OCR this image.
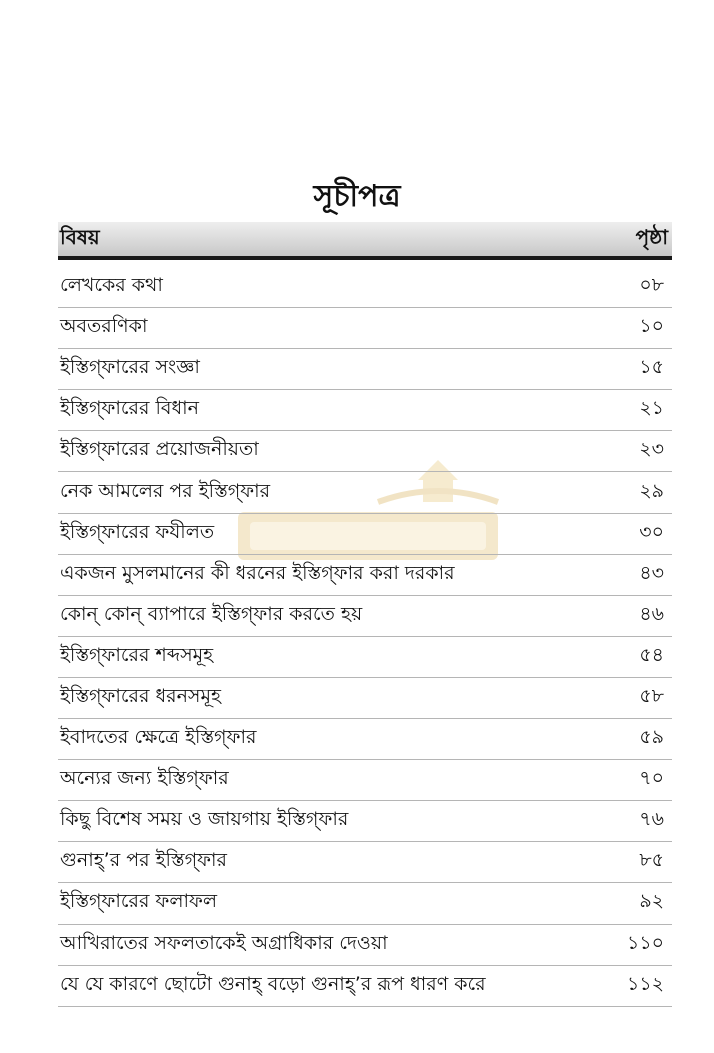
সূচীপত্র
বিষয়	পৃষ্ঠা
লেখকের কথা	০৮
অবতরণিকা	১০
ইস্তিগ্‌ফারের সংজ্ঞা	১৫
ইস্তিগ্‌ফারের বিধান	২১
ইস্তিগ্‌ফারের প্রয়োজনীয়তা	২৩
নেক আমলের পর ইস্তিগ্‌ফার	২৯
ইস্তিগ্‌ফারের ফযীলত	৩০
একজন মুসলমানের কী ধরনের ইস্তিগ্‌ফার করা দরকার	৪৩
কোন্‌ কোন্‌ ব্যাপারে ইস্তিগ্‌ফার করতে হয়	৪৬
ইস্তিগ্‌ফারের শব্দসমূহ	৫৪
ইস্তিগ্‌ফারের ধরনসমূহ	৫৮
ইবাদতের ক্ষেত্রে ইস্তিগ্‌ফার	৫৯
অন্যের জন্য ইস্তিগ্‌ফার	৭০
কিছু বিশেষ সময় ও জায়গায় ইস্তিগ্‌ফার	৭৬
গুনাহ্‌’র পর ইস্তিগ্‌ফার	৮৫
ইস্তিগ্‌ফারের ফলাফল	৯২
আখিরাতের সফলতাকেই অগ্রাধিকার দেওয়া	১১০
যে যে কারণে ছোটো গুনাহ্‌ বড়ো গুনাহ্‌’র রূপ ধারণ করে	১১২
